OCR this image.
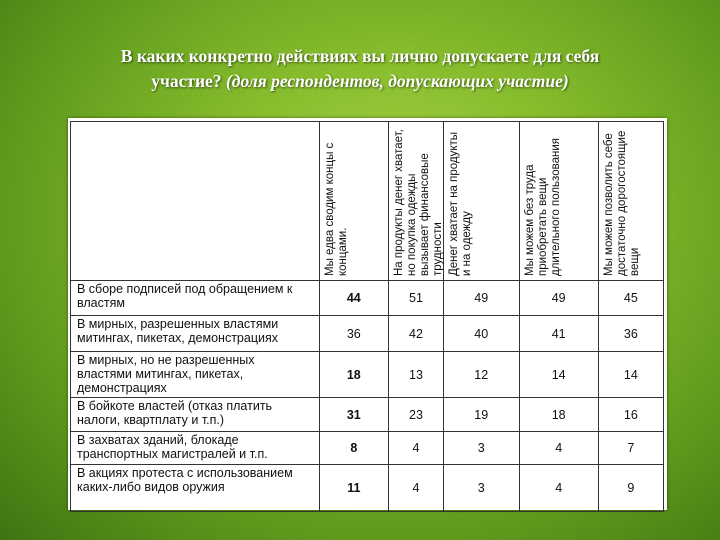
В каких конкретно действиях вы лично допускаете для себя
участие? (доля респондентов, допускающих участие)

	Мы едва сводим концы с концами.	На продукты денег хватает, но покупка одежды вызывает финансовые трудности	Денег хватает на продукты и на одежду	Мы можем без труда приобретать вещи длительного пользования	Мы можем позволить себе достаточно дорогостоящие вещи

В сборе подписей под обращением к властям	44	51	49	49	45
В мирных, разрешенных властями митингах, пикетах, демонстрациях	36	42	40	41	36
В мирных, но не разрешенных властями митингах, пикетах, демонстрациях	18	13	12	14	14
В бойкоте властей (отказ платить налоги, квартплату и т.п.)	31	23	19	18	16
В захватах зданий, блокаде транспортных магистралей и т.п.	8	4	3	4	7
В акциях протеста с использованием каких-либо видов оружия	11	4	3	4	9
